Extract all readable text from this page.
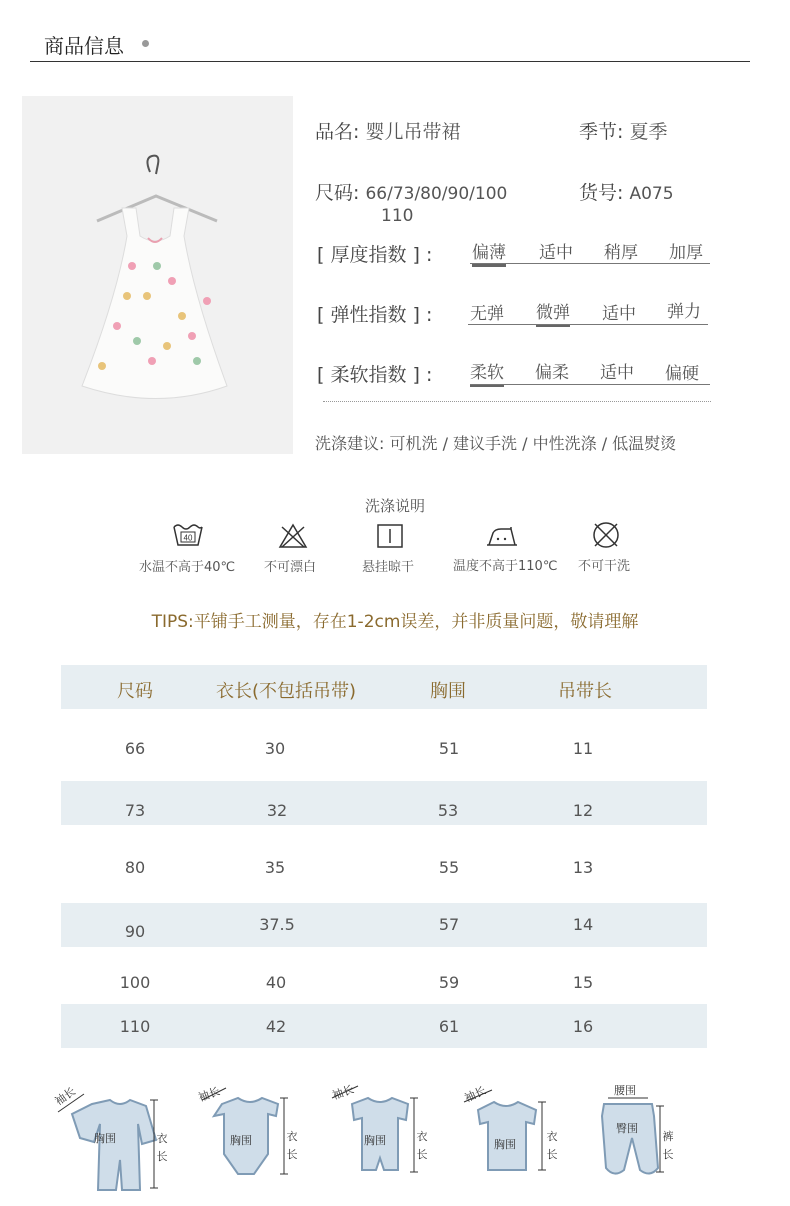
商品信息
品名: 婴儿吊带裙	季节: 夏季
尺码: 66/73/80/90/100
110
货号: A075
[ 厚度指数 ] : 偏薄 适中 稍厚 加厚
[ 弹性指数 ] : 无弹 微弹 适中 弹力
[ 柔软指数 ] : 柔软 偏柔 适中 偏硬
洗涤建议: 可机洗 / 建议手洗 / 中性洗涤 / 低温熨烫
洗涤说明
40
水温不高于40℃ 不可漂白	悬挂晾干	温度不高于110℃ 不可干洗
TIPS:平铺手工测量，存在1-2cm误差，并非质量问题，敬请理解
尺码	衣长(不包括吊带)	胸围	吊带长
66	30	51	11
73	32	53	12
80	35	55	13
90	37.5	57	14
100	40	59	15
110	42	61	16
袖长
胸围	衣
长
袖长
胸围	衣
长
袖长
胸围	衣
长
袖长
胸围
衣
长
腰围
臀围
裤
长
